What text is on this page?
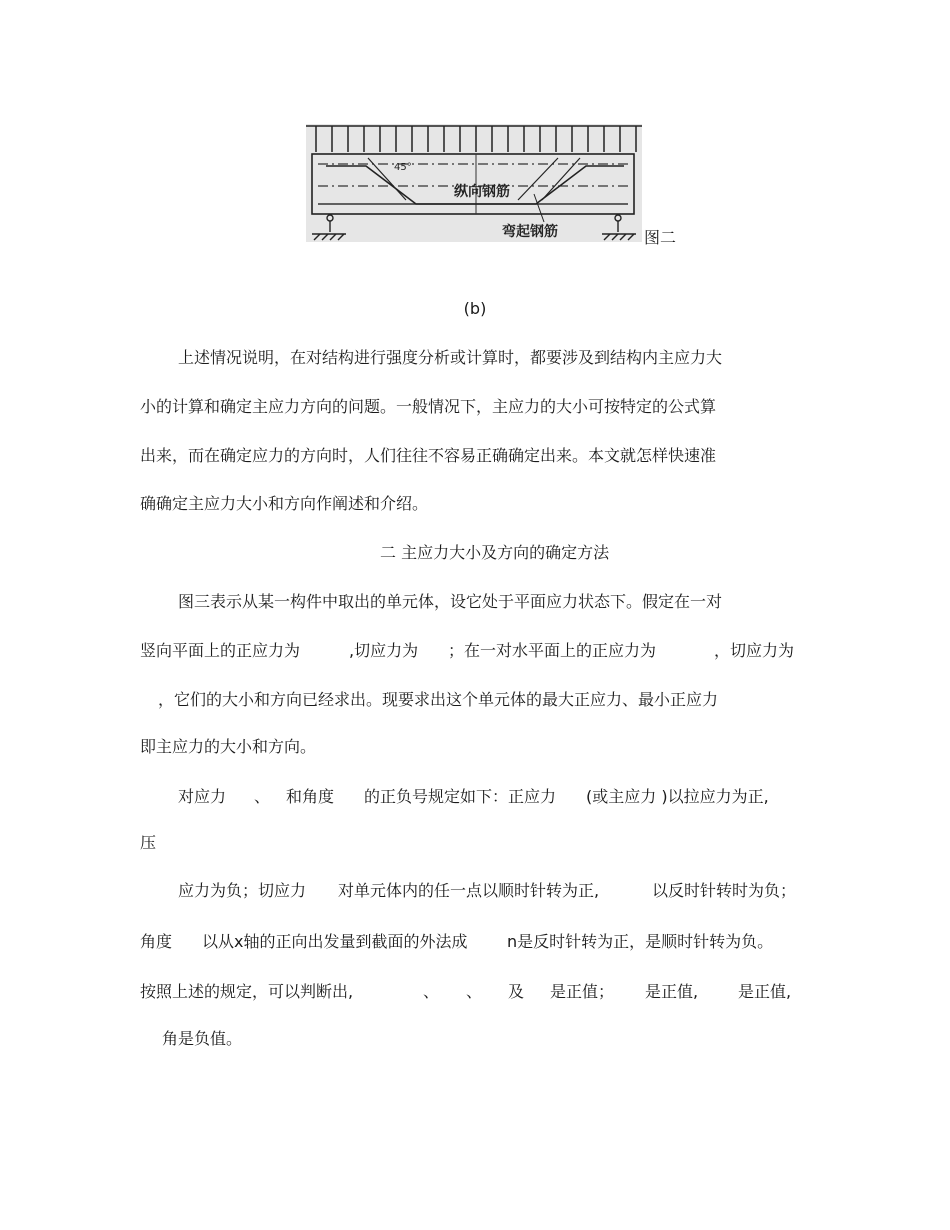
45°
纵向钢筋
弯起钢筋	图二
(b)
上述情况说明，在对结构进行强度分析或计算时，都要涉及到结构内主应力大
小的计算和确定主应力方向的问题。一般情况下，主应力的大小可按特定的公式算
出来，而在确定应力的方向时，人们往往不容易正确确定出来。本文就怎样快速准
确确定主应力大小和方向作阐述和介绍。
二 主应力大小及方向的确定方法
图三表示从某一构件中取出的单元体，设它处于平面应力状态下。假定在一对
竖向平面上的正应力为	,切应力为 ；在一对水平面上的正应力为	，切应力为
，它们的大小和方向已经求出。现要求出这个单元体的最大正应力、最小正应力
即主应力的大小和方向。
对应力 、 和角度 的正负号规定如下：正应力 (或主应力 )以拉应力为正,
压
应力为负；切应力 对单元体内的任一点以顺时针转为正,	以反时针转时为负；
角度 以从x轴的正向出发量到截面的外法成 n是反时针转为正，是顺时针转为负。
按照上述的规定，可以判断出,	、 、 及 是正值； 是正值, 是正值,
角是负值。
